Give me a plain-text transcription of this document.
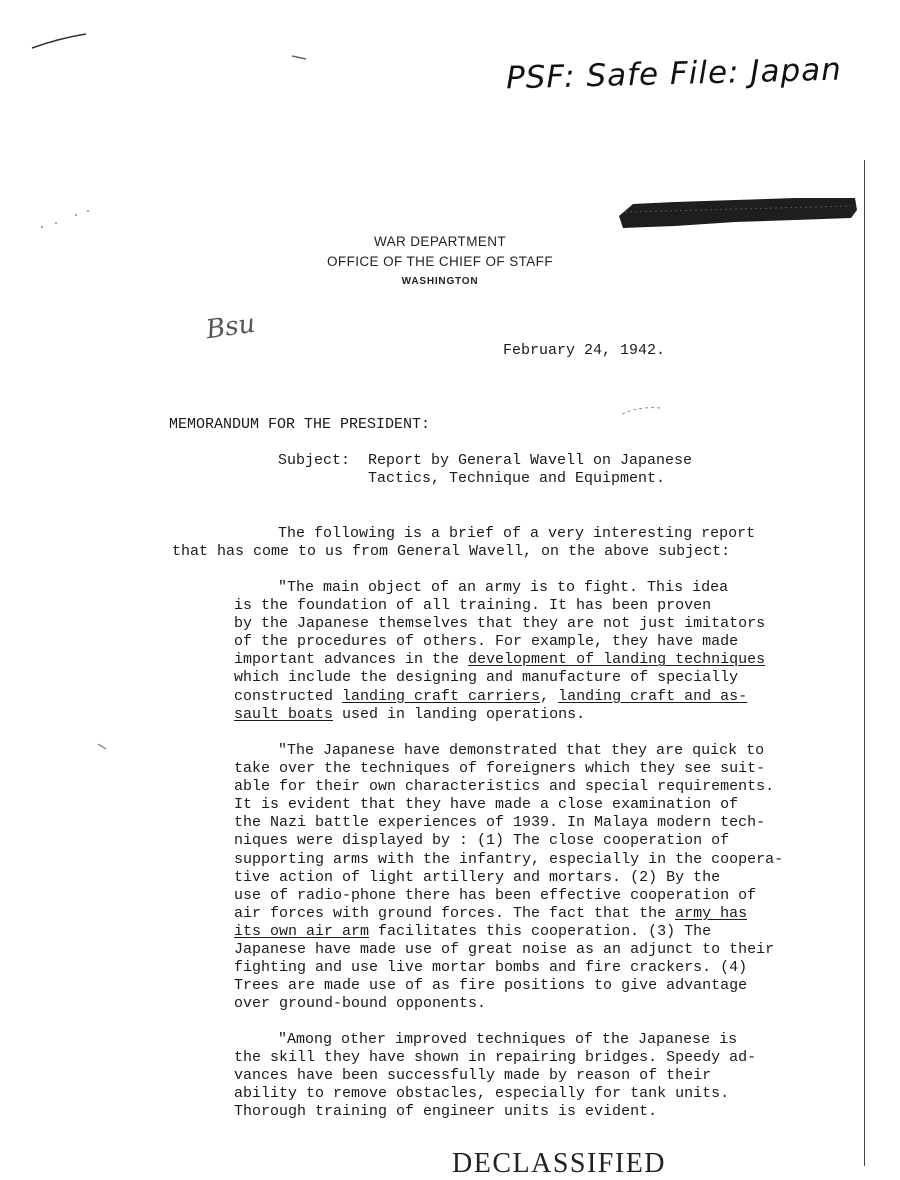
PSF: Safe File: Japan
WAR DEPARTMENT
OFFICE OF THE CHIEF OF STAFF
WASHINGTON
Bsu
February 24, 1942.
MEMORANDUM FOR THE PRESIDENT:
Subject: Report by General Wavell on Japanese
Tactics, Technique and Equipment.
The following is a brief of a very interesting report
that has come to us from General Wavell, on the above subject:
"The main object of an army is to fight. This idea
is the foundation of all training. It has been proven
by the Japanese themselves that they are not just imitators
of the procedures of others. For example, they have made
important advances in the development of landing techniques
which include the designing and manufacture of specially
constructed landing craft carriers, landing craft and as-
sault boats used in landing operations.
"The Japanese have demonstrated that they are quick to
take over the techniques of foreigners which they see suit-
able for their own characteristics and special requirements.
It is evident that they have made a close examination of
the Nazi battle experiences of 1939. In Malaya modern tech-
niques were displayed by : (1) The close cooperation of
supporting arms with the infantry, especially in the coopera-
tive action of light artillery and mortars. (2) By the
use of radio-phone there has been effective cooperation of
air forces with ground forces. The fact that the army has
its own air arm facilitates this cooperation. (3) The
Japanese have made use of great noise as an adjunct to their
fighting and use live mortar bombs and fire crackers. (4)
Trees are made use of as fire positions to give advantage
over ground-bound opponents.
"Among other improved techniques of the Japanese is
the skill they have shown in repairing bridges. Speedy ad-
vances have been successfully made by reason of their
ability to remove obstacles, especially for tank units.
Thorough training of engineer units is evident.
DECLASSIFIED
